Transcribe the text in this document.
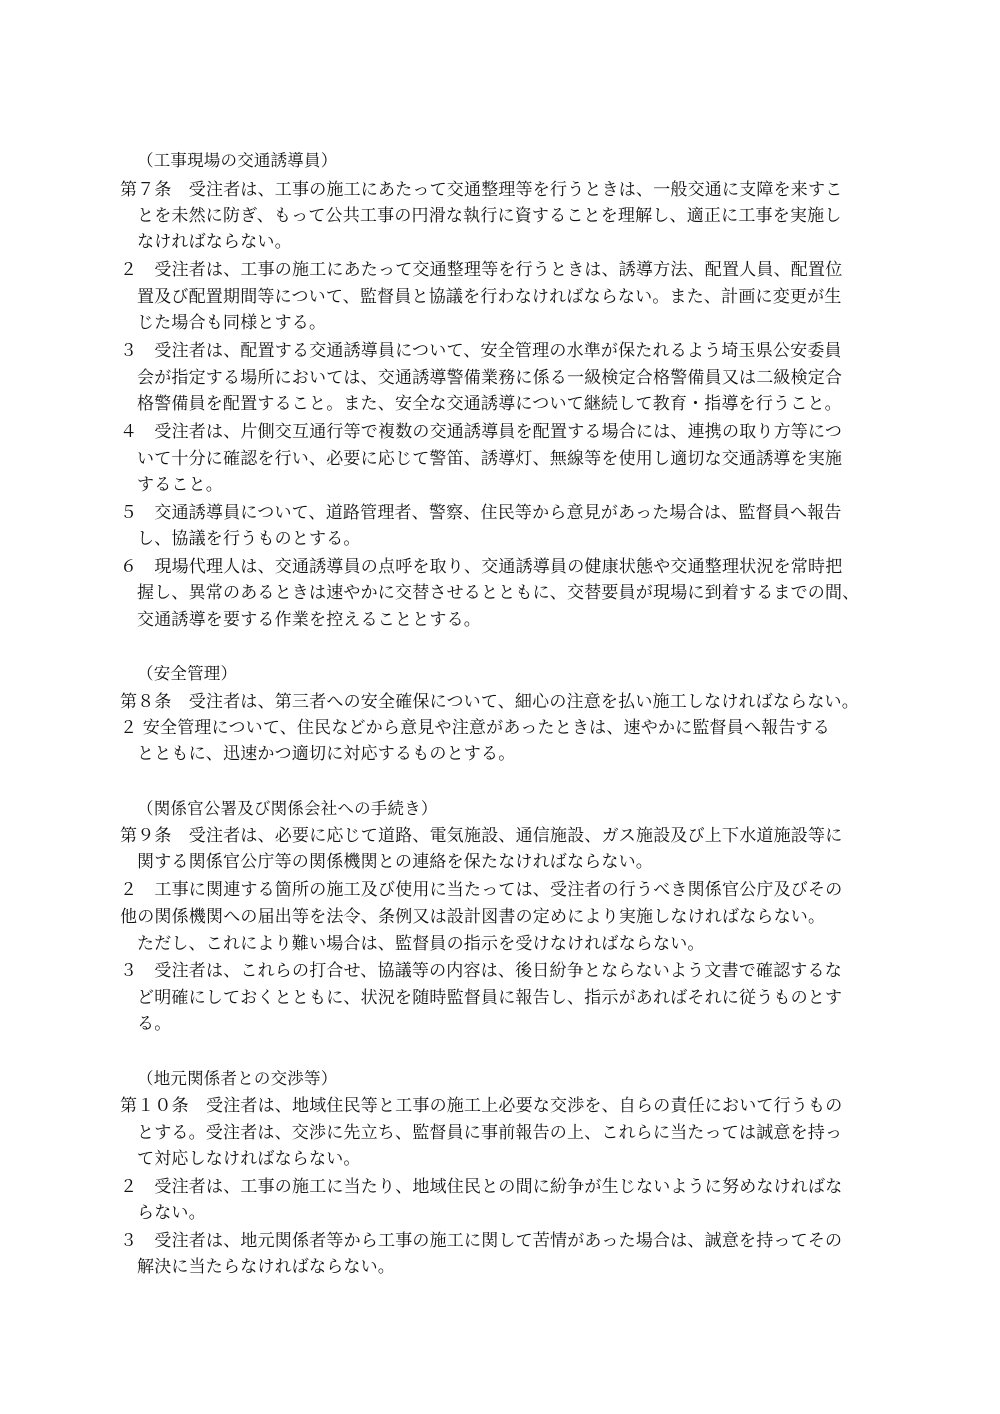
（工事現場の交通誘導員）
第７条　受注者は、工事の施工にあたって交通整理等を行うときは、一般交通に支障を来すこ
とを未然に防ぎ、もって公共工事の円滑な執行に資することを理解し、適正に工事を実施し
なければならない。
２　受注者は、工事の施工にあたって交通整理等を行うときは、誘導方法、配置人員、配置位
置及び配置期間等について、監督員と協議を行わなければならない。また、計画に変更が生
じた場合も同様とする。
３　受注者は、配置する交通誘導員について、安全管理の水準が保たれるよう埼玉県公安委員
会が指定する場所においては、交通誘導警備業務に係る一級検定合格警備員又は二級検定合
格警備員を配置すること。また、安全な交通誘導について継続して教育・指導を行うこと。
４　受注者は、片側交互通行等で複数の交通誘導員を配置する場合には、連携の取り方等につ
いて十分に確認を行い、必要に応じて警笛、誘導灯、無線等を使用し適切な交通誘導を実施
すること。
５　交通誘導員について、道路管理者、警察、住民等から意見があった場合は、監督員へ報告
し、協議を行うものとする。
６　現場代理人は、交通誘導員の点呼を取り、交通誘導員の健康状態や交通整理状況を常時把
握し、異常のあるときは速やかに交替させるとともに、交替要員が現場に到着するまでの間、
交通誘導を要する作業を控えることとする。
（安全管理）
第８条　受注者は、第三者への安全確保について、細心の注意を払い施工しなければならない。
２ 安全管理について、住民などから意見や注意があったときは、速やかに監督員へ報告する
とともに、迅速かつ適切に対応するものとする。
（関係官公署及び関係会社への手続き）
第９条　受注者は、必要に応じて道路、電気施設、通信施設、ガス施設及び上下水道施設等に
関する関係官公庁等の関係機関との連絡を保たなければならない。
２　工事に関連する箇所の施工及び使用に当たっては、受注者の行うべき関係官公庁及びその
他の関係機関への届出等を法令、条例又は設計図書の定めにより実施しなければならない。
ただし、これにより難い場合は、監督員の指示を受けなければならない。
３　受注者は、これらの打合せ、協議等の内容は、後日紛争とならないよう文書で確認するな
ど明確にしておくとともに、状況を随時監督員に報告し、指示があればそれに従うものとす
る。
（地元関係者との交渉等）
第１０条　受注者は、地域住民等と工事の施工上必要な交渉を、自らの責任において行うもの
とする。受注者は、交渉に先立ち、監督員に事前報告の上、これらに当たっては誠意を持っ
て対応しなければならない。
２　受注者は、工事の施工に当たり、地域住民との間に紛争が生じないように努めなければな
らない。
３　受注者は、地元関係者等から工事の施工に関して苦情があった場合は、誠意を持ってその
解決に当たらなければならない。
